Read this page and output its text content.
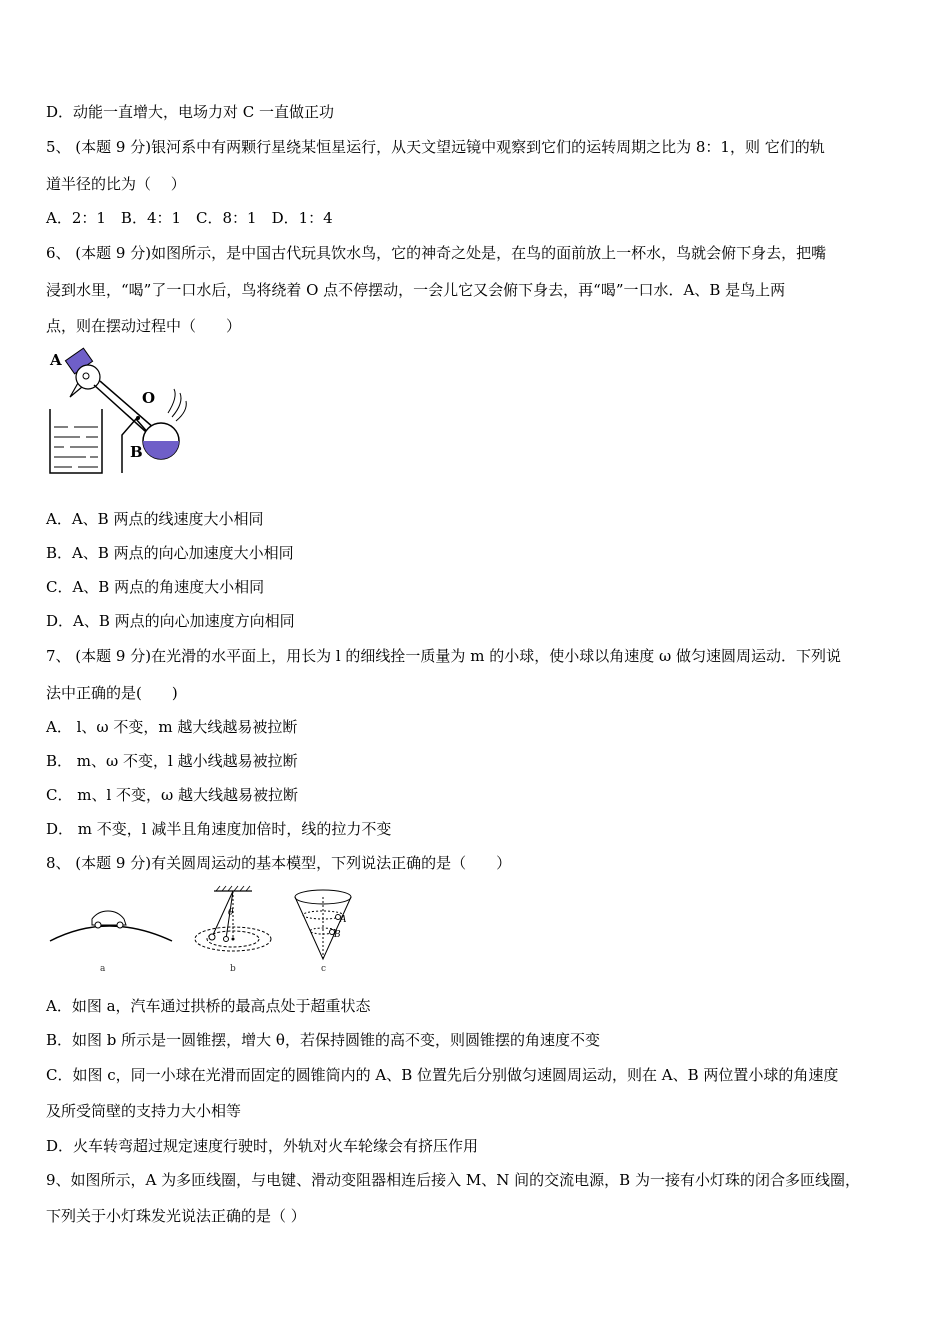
D．动能一直增大，电场力对 C 一直做正功
5、 (本题 9 分)银河系中有两颗行星绕某恒星运行，从天文望远镜中观察到它们的运转周期之比为 8：1，则 它们的轨
道半径的比为（　 ）
A．2：1　B．4：1　C．8：1　D．1：4
6、 (本题 9 分)如图所示，是中国古代玩具饮水鸟，它的神奇之处是，在鸟的面前放上一杯水，鸟就会俯下身去，把嘴
浸到水里，“喝”了一口水后，鸟将绕着 O 点不停摆动，一会儿它又会俯下身去，再“喝”一口水．A、B 是鸟上两
点，则在摆动过程中（　　）
A
O
B
A．A、B 两点的线速度大小相同
B．A、B 两点的向心加速度大小相同
C．A、B 两点的角速度大小相同
D．A、B 两点的向心加速度方向相同
7、 (本题 9 分)在光滑的水平面上，用长为 l 的细线拴一质量为 m 的小球，使小球以角速度 ω 做匀速圆周运动．下列说
法中正确的是(　　)
A． l、ω 不变，m 越大线越易被拉断
B． m、ω 不变，l 越小线越易被拉断
C． m、l 不变，ω 越大线越易被拉断
D． m 不变，l 减半且角速度加倍时，线的拉力不变
8、 (本题 9 分)有关圆周运动的基本模型，下列说法正确的是（　　）
a
θ
b
A
B
c
A．如图 a，汽车通过拱桥的最高点处于超重状态
B．如图 b 所示是一圆锥摆，增大 θ，若保持圆锥的高不变，则圆锥摆的角速度不变
C．如图 c，同一小球在光滑而固定的圆锥筒内的 A、B 位置先后分别做匀速圆周运动，则在 A、B 两位置小球的角速度
及所受筒壁的支持力大小相等
D．火车转弯超过规定速度行驶时，外轨对火车轮缘会有挤压作用
9、如图所示，A 为多匝线圈，与电键、滑动变阻器相连后接入 M、N 间的交流电源，B 为一接有小灯珠的闭合多匝线圈，
下列关于小灯珠发光说法正确的是（ ）
